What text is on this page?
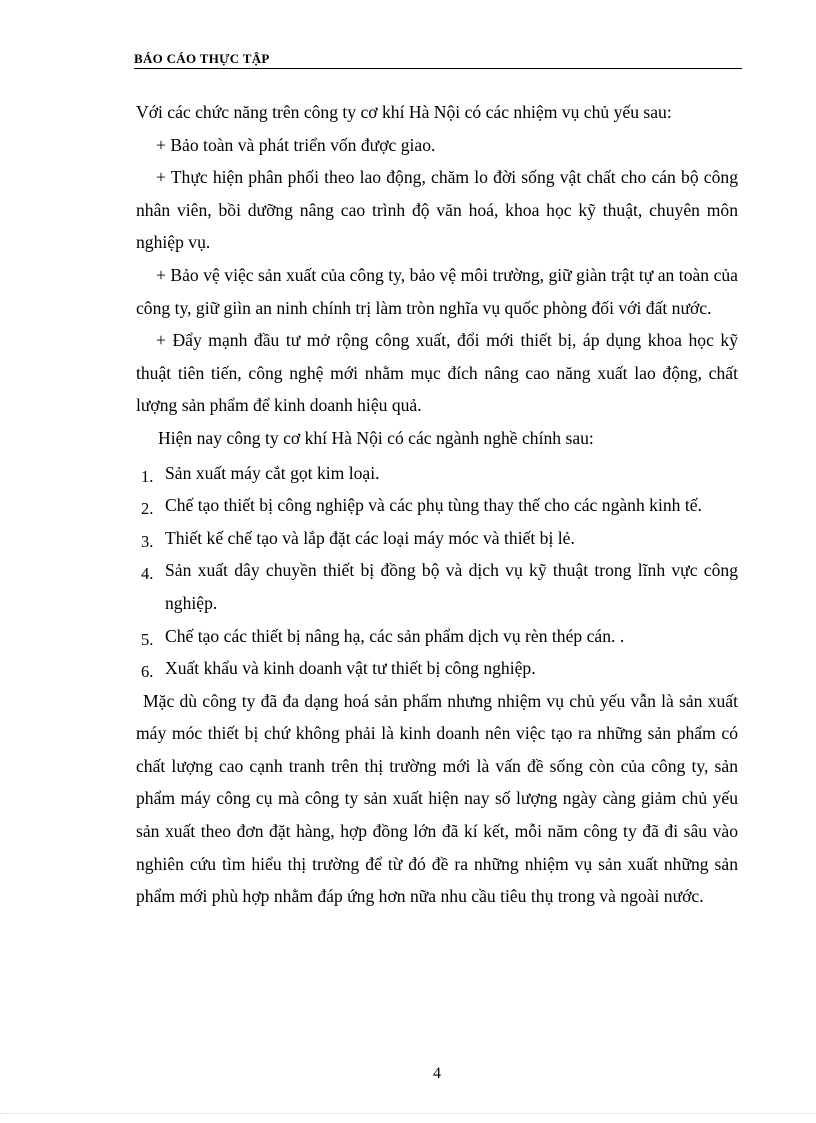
BÁO CÁO THỰC TẬP

Với các chức năng trên công ty cơ khí Hà Nội có các nhiệm vụ chủ yếu sau:

+ Bảo toàn và phát triển vốn được giao.

+ Thực hiện phân phối theo lao động, chăm lo đời sống vật chất cho cán bộ công nhân viên, bồi dưỡng nâng cao trình độ văn hoá, khoa học kỹ thuật, chuyên môn nghiệp vụ.

+ Bảo vệ việc sản xuất của công ty, bảo vệ môi trường, giữ giàn trật tự an toàn của công ty, giữ giìn an ninh chính trị làm tròn nghĩa vụ quốc phòng đối với đất nước.

+ Đẩy mạnh đầu tư mở rộng công xuất, đổi mới thiết bị, áp dụng khoa học kỹ thuật tiên tiến, công nghệ mới nhằm mục đích nâng cao năng xuất lao động, chất lượng sản phẩm để kinh doanh hiệu quả.

Hiện nay công ty cơ khí Hà Nội có các ngành nghề chính sau:

1. Sản xuất máy cắt gọt kim loại.
2. Chế tạo thiết bị công nghiệp và các phụ tùng thay thế cho các ngành kinh tế.
3. Thiết kế chế tạo và lắp đặt các loại máy móc và thiết bị lẻ.
4. Sản xuất dây chuyền thiết bị đồng bộ và dịch vụ kỹ thuật trong lĩnh vực công nghiệp.
5. Chế tạo các thiết bị nâng hạ, các sản phẩm dịch vụ rèn thép cán. .
6. Xuất khẩu và kinh doanh vật tư thiết bị công nghiệp.

Mặc dù công ty đã đa dạng hoá sản phẩm nhưng nhiệm vụ chủ yếu vẫn là sản xuất máy móc thiết bị chứ không phải là kinh doanh nên việc tạo ra những sản phẩm có chất lượng cao cạnh tranh trên thị trường mới là vấn đề sống còn của công ty, sản phẩm máy công cụ mà công ty sản xuất hiện nay số lượng ngày càng giảm chủ yếu sản xuất theo đơn đặt hàng, hợp đồng lớn đã kí kết, mỗi năm công ty đã đi sâu vào nghiên cứu tìm hiểu thị trường để từ đó đề ra những nhiệm vụ sản xuất những sản phẩm mới phù hợp nhằm đáp ứng hơn nữa nhu cầu tiêu thụ trong và ngoài nước.

4
